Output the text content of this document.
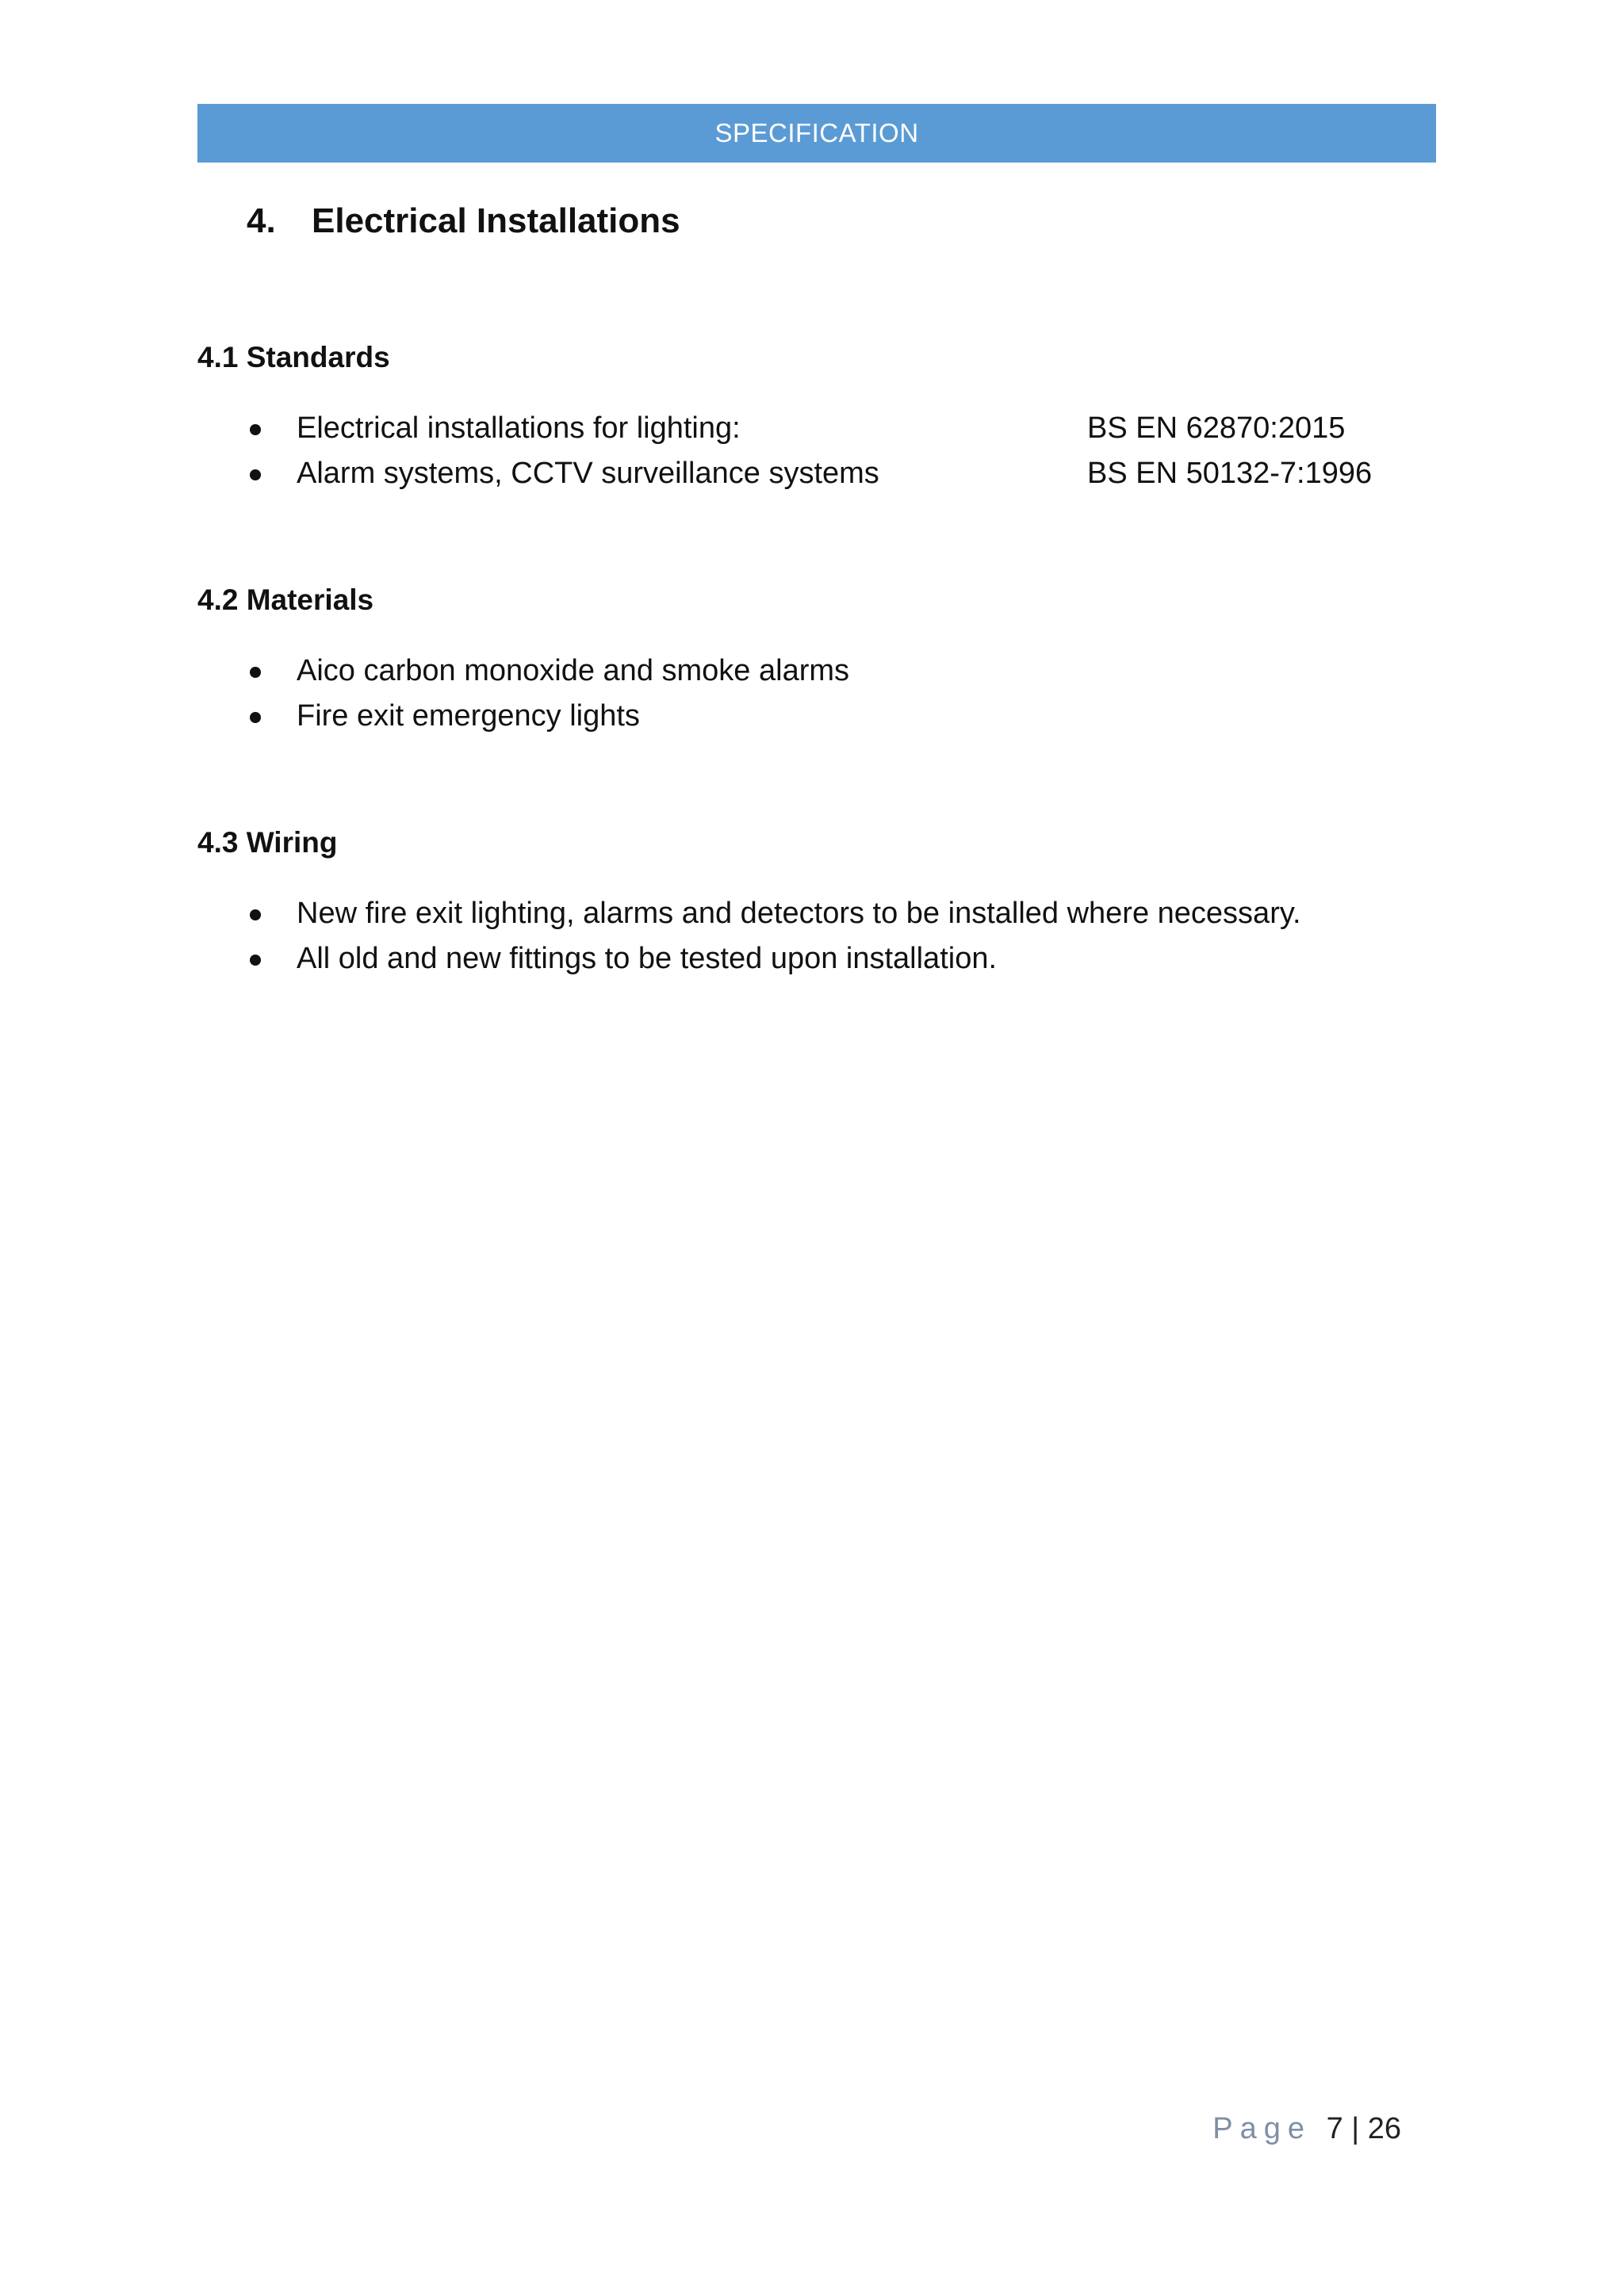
SPECIFICATION
4. Electrical Installations
4.1 Standards
Electrical installations for lighting:	BS EN 62870:2015
Alarm systems, CCTV surveillance systems	BS EN 50132-7:1996
4.2 Materials
Aico carbon monoxide and smoke alarms
Fire exit emergency lights
4.3 Wiring
New fire exit lighting, alarms and detectors to be installed where necessary.
All old and new fittings to be tested upon installation.
Page 7 | 26
